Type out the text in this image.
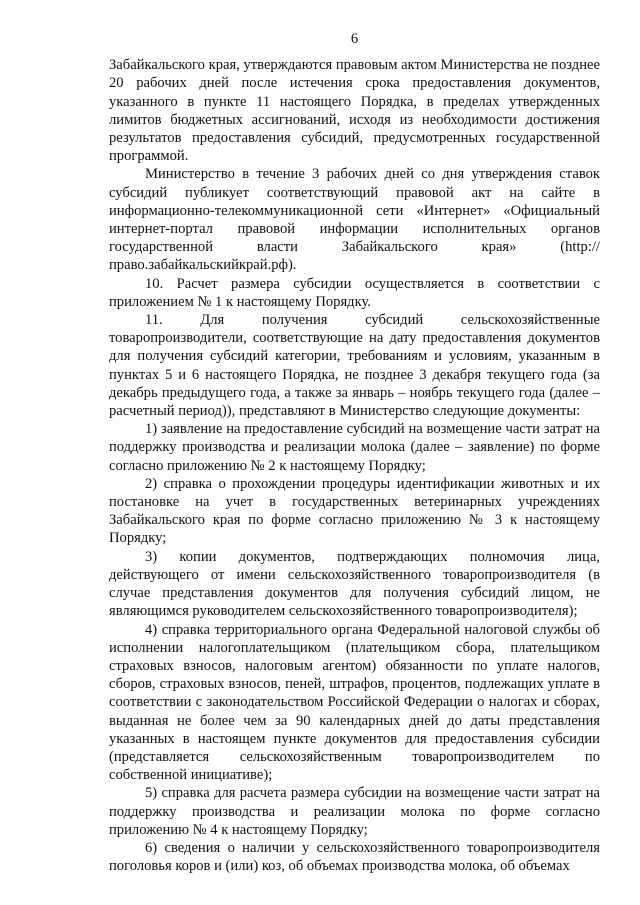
6

Забайкальского края, утверждаются правовым актом Министерства не позднее 20 рабочих дней после истечения срока предоставления документов, указанного в пункте 11 настоящего Порядка, в пределах утвержденных лимитов бюджетных ассигнований, исходя из необходимости достижения результатов предоставления субсидий, предусмотренных государственной программой.

Министерство в течение 3 рабочих дней со дня утверждения ставок субсидий публикует соответствующий правовой акт на сайте в информационно-телекоммуникационной сети «Интернет» «Официальный интернет-портал правовой информации исполнительных органов государственной власти Забайкальского края» (http://право.забайкальскийкрай.рф).

10. Расчет размера субсидии осуществляется в соответствии с приложением № 1 к настоящему Порядку.

11. Для получения субсидий сельскохозяйственные товаропроизводители, соответствующие на дату предоставления документов для получения субсидий категории, требованиям и условиям, указанным в пунктах 5 и 6 настоящего Порядка, не позднее 3 декабря текущего года (за декабрь предыдущего года, а также за январь – ноябрь текущего года (далее – расчетный период)), представляют в Министерство следующие документы:

1) заявление на предоставление субсидий на возмещение части затрат на поддержку производства и реализации молока (далее – заявление) по форме согласно приложению № 2 к настоящему Порядку;

2) справка о прохождении процедуры идентификации животных и их постановке на учет в государственных ветеринарных учреждениях Забайкальского края по форме согласно приложению № 3 к настоящему Порядку;

3) копии документов, подтверждающих полномочия лица, действующего от имени сельскохозяйственного товаропроизводителя (в случае представления документов для получения субсидий лицом, не являющимся руководителем сельскохозяйственного товаропроизводителя);

4) справка территориального органа Федеральной налоговой службы об исполнении налогоплательщиком (плательщиком сбора, плательщиком страховых взносов, налоговым агентом) обязанности по уплате налогов, сборов, страховых взносов, пеней, штрафов, процентов, подлежащих уплате в соответствии с законодательством Российской Федерации о налогах и сборах, выданная не более чем за 90 календарных дней до даты представления указанных в настоящем пункте документов для предоставления субсидии (представляется сельскохозяйственным товаропроизводителем по собственной инициативе);

5) справка для расчета размера субсидии на возмещение части затрат на поддержку производства и реализации молока по форме согласно приложению № 4 к настоящему Порядку;

6) сведения о наличии у сельскохозяйственного товаропроизводителя поголовья коров и (или) коз, об объемах производства молока, об объемах
